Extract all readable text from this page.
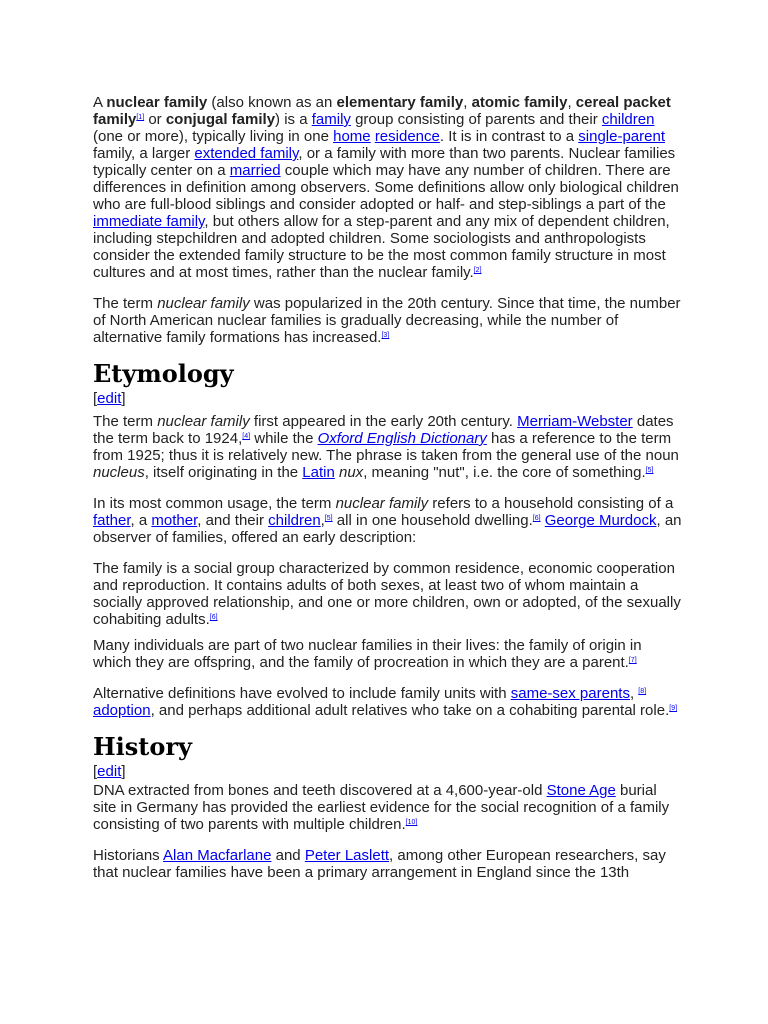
A nuclear family (also known as an elementary family, atomic family, cereal packet family[1] or conjugal family) is a family group consisting of parents and their children (one or more), typically living in one home residence. It is in contrast to a single-parent family, a larger extended family, or a family with more than two parents. Nuclear families typically center on a married couple which may have any number of children. There are differences in definition among observers. Some definitions allow only biological children who are full-blood siblings and consider adopted or half- and step-siblings a part of the immediate family, but others allow for a step-parent and any mix of dependent children, including stepchildren and adopted children. Some sociologists and anthropologists consider the extended family structure to be the most common family structure in most cultures and at most times, rather than the nuclear family.[2]

The term nuclear family was popularized in the 20th century. Since that time, the number of North American nuclear families is gradually decreasing, while the number of alternative family formations has increased.[3]

Etymology
[edit]

The term nuclear family first appeared in the early 20th century. Merriam-Webster dates the term back to 1924,[4] while the Oxford English Dictionary has a reference to the term from 1925; thus it is relatively new. The phrase is taken from the general use of the noun nucleus, itself originating in the Latin nux, meaning "nut", i.e. the core of something.[5]

In its most common usage, the term nuclear family refers to a household consisting of a father, a mother, and their children,[5] all in one household dwelling.[6] George Murdock, an observer of families, offered an early description:

The family is a social group characterized by common residence, economic cooperation and reproduction. It contains adults of both sexes, at least two of whom maintain a socially approved relationship, and one or more children, own or adopted, of the sexually cohabiting adults.[6]

Many individuals are part of two nuclear families in their lives: the family of origin in which they are offspring, and the family of procreation in which they are a parent.[7]

Alternative definitions have evolved to include family units with same-sex parents, [8] adoption, and perhaps additional adult relatives who take on a cohabiting parental role.[9]

History
[edit]

DNA extracted from bones and teeth discovered at a 4,600-year-old Stone Age burial site in Germany has provided the earliest evidence for the social recognition of a family consisting of two parents with multiple children.[10]

Historians Alan Macfarlane and Peter Laslett, among other European researchers, say that nuclear families have been a primary arrangement in England since the 13th
